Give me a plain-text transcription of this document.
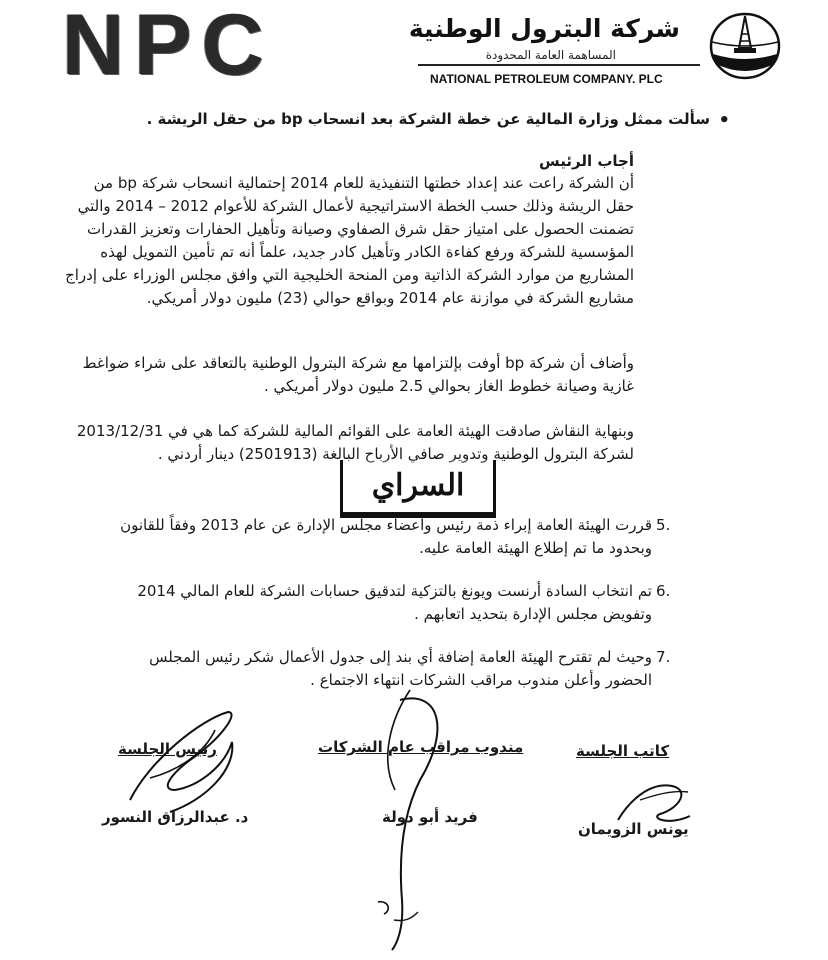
NPC	شركة البترول الوطنية
المساهمة العامة المحدودة
NATIONAL PETROLEUM COMPANY. PLC
•
سألت ممثل وزارة المالية عن خطة الشركة بعد انسحاب bp من حقل الريشة .
أجاب الرئيس
أن الشركة راعت عند إعداد خطتها التنفيذية للعام 2014 إحتمالية انسحاب شركة bp من حقل الريشة وذلك حسب الخطة الاستراتيجية لأعمال الشركة للأعوام 2012 – 2014 والتي تضمنت الحصول على امتياز حقل شرق الصفاوي وصيانة وتأهيل الحفارات وتعزيز القدرات المؤسسية للشركة ورفع كفاءة الكادر وتأهيل كادر جديد، علماً أنه تم تأمين التمويل لهذه المشاريع من موارد الشركة الذاتية ومن المنحة الخليجية التي وافق مجلس الوزراء على إدراج مشاريع الشركة في موازنة عام 2014 وبواقع حوالي (23) مليون دولار أمريكي.
وأضاف أن شركة bp أوفت بإلتزامها مع شركة البترول الوطنية بالتعاقد على شراء ضواغط غازية وصيانة خطوط الغاز بحوالي 2.5 مليون دولار أمريكي .
وبنهاية النقاش صادقت الهيئة العامة على القوائم المالية للشركة كما هي في 2013/12/31 لشركة البترول الوطنية وتدوير صافي الأرباح البالغة (2501913) دينار أردني .
5.
قررت الهيئة العامة إبراء ذمة رئيس وأعضاء مجلس الإدارة عن عام 2013 وفقاً للقانون وبحدود ما تم إطلاع الهيئة العامة عليه.
6.
تم انتخاب السادة أرنست ويونغ بالتزكية لتدقيق حسابات الشركة للعام المالي 2014 وتفويض مجلس الإدارة بتحديد اتعابهم .
7.
وحيث لم تقترح الهيئة العامة إضافة أي بند إلى جدول الأعمال شكر رئيس المجلس الحضور وأعلن مندوب مراقب الشركات انتهاء الاجتماع .
السراي
رئيس الجلسة	مندوب مراقب عام الشركات	كاتب الجلسة
د. عبدالرزاق النسور	فريد أبو دولة
يونس الزويمان
